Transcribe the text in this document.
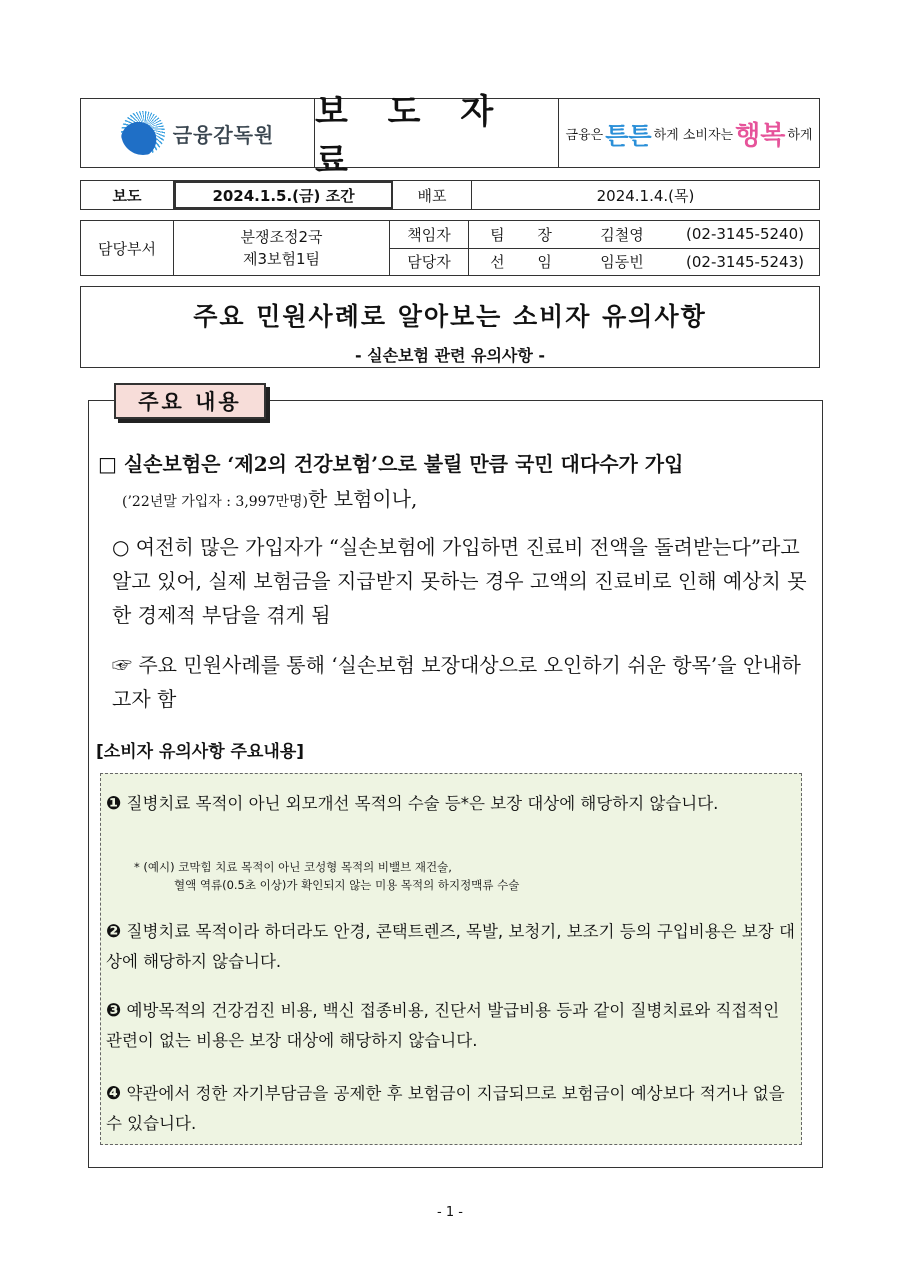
금융감독원
보 도 자 료
금융은 튼튼 하게 소비자는 행복 하게
보도	2024.1.5.(금) 조간	배포	2024.1.4.(목)
담당부서
분쟁조정2국
제3보험1팀
책임자	팀 장	김철영	(02-3145-5240)
담당자	선 임	임동빈	(02-3145-5243)
주요 민원사례로 알아보는 소비자 유의사항

- 실손보험 관련 유의사항 -

주요 내용
□ 실손보험은 ‘제2의 건강보험’으로 불릴 만큼 국민 대다수가 가입
(’22년말 가입자 : 3,997만명)한 보험이나,
○ 여전히 많은 가입자가 “실손보험에 가입하면 진료비 전액을 돌려받는다”라고 알고 있어, 실제 보험금을 지급받지 못하는 경우 고액의 진료비로 인해 예상치 못한 경제적 부담을 겪게 됨
☞ 주요 민원사례를 통해 ‘실손보험 보장대상으로 오인하기 쉬운 항목’을 안내하고자 함
[소비자 유의사항 주요내용]
❶ 질병치료 목적이 아닌 외모개선 목적의 수술 등*은 보장 대상에 해당하지 않습니다.
* (예시) 코막힘 치료 목적이 아닌 코성형 목적의 비밸브 재건술,
혈액 역류(0.5초 이상)가 확인되지 않는 미용 목적의 하지정맥류 수술
❷ 질병치료 목적이라 하더라도 안경, 콘택트렌즈, 목발, 보청기, 보조기 등의 구입비용은 보장 대상에 해당하지 않습니다.
❸ 예방목적의 건강검진 비용, 백신 접종비용, 진단서 발급비용 등과 같이 질병치료와 직접적인 관련이 없는 비용은 보장 대상에 해당하지 않습니다.
❹ 약관에서 정한 자기부담금을 공제한 후 보험금이 지급되므로 보험금이 예상보다 적거나 없을 수 있습니다.
- 1 -
